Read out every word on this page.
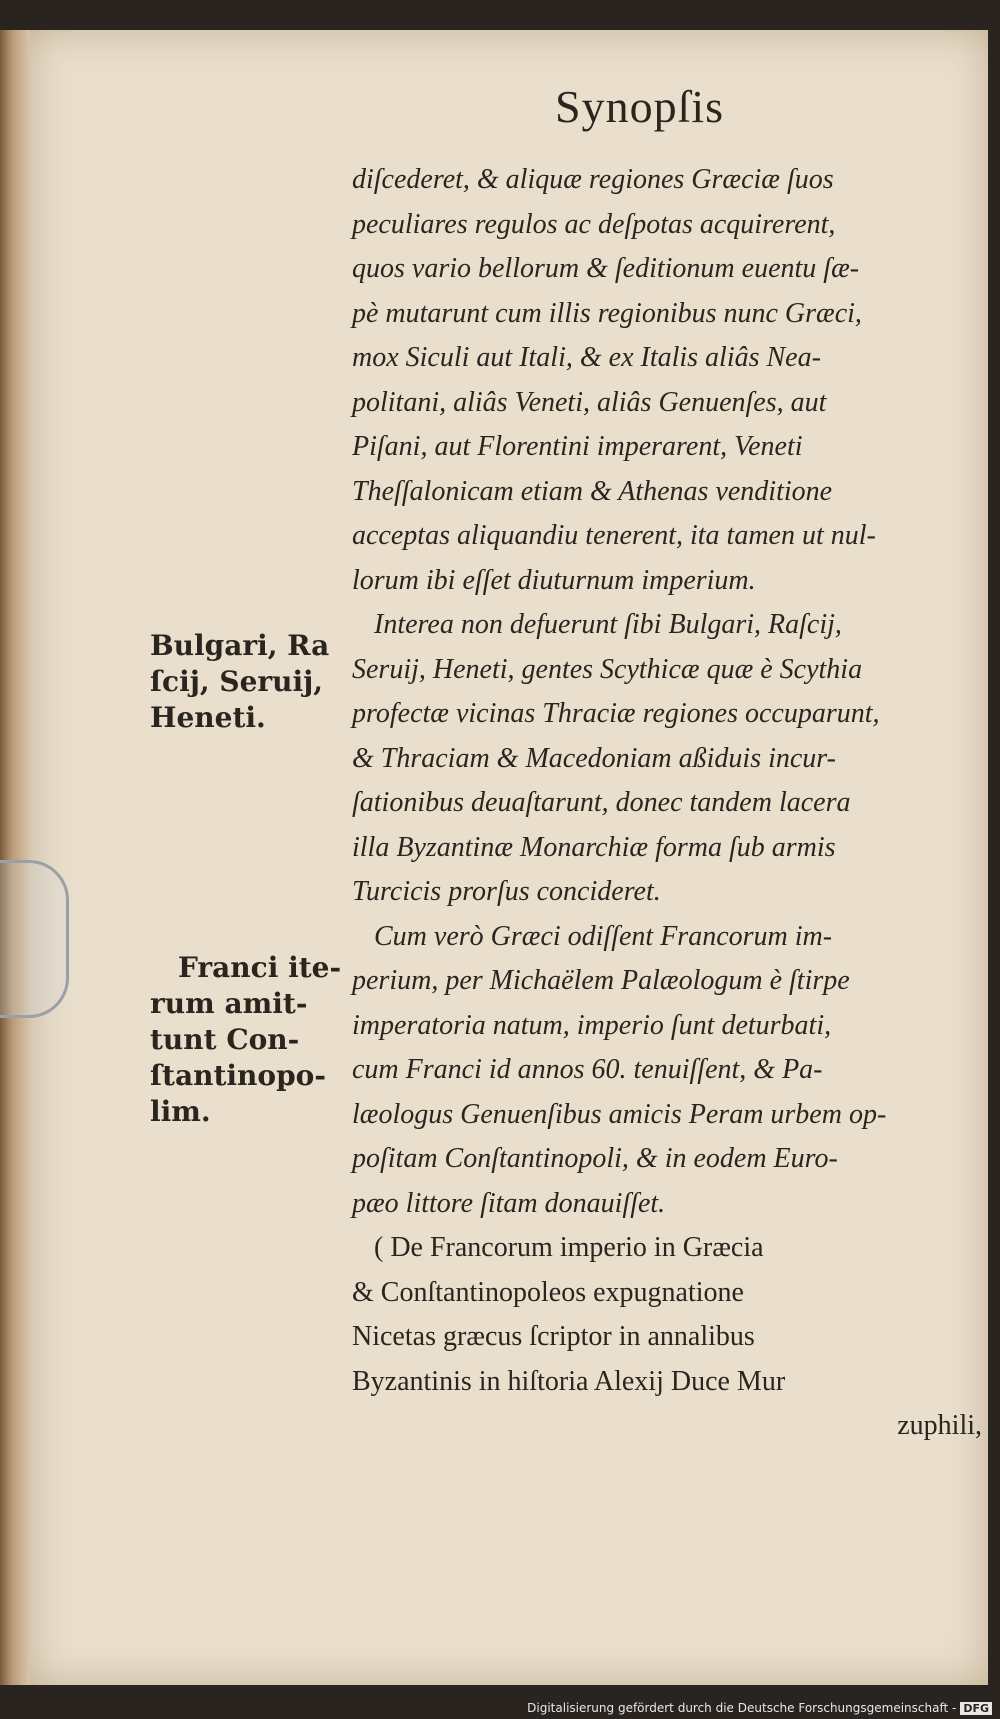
Synopſis
diſcederet, & aliquæ regiones Græciæ ſuos
peculiares regulos ac deſpotas acquirerent,
quos vario bellorum & ſeditionum euentu ſæ-
pè mutarunt cum illis regionibus nunc Græci,
mox Siculi aut Itali, & ex Italis aliâs Nea-
politani, aliâs Veneti, aliâs Genuenſes, aut
Piſani, aut Florentini imperarent, Veneti
Theſſalonicam etiam & Athenas venditione
acceptas aliquandiu tenerent, ita tamen ut nul-
lorum ibi eſſet diuturnum imperium.
Interea non defuerunt ſibi Bulgari, Raſcij,
Seruij, Heneti, gentes Scythicæ quæ è Scythia
profectæ vicinas Thraciæ regiones occuparunt,
& Thraciam & Macedoniam aßiduis incur-
ſationibus deuaſtarunt, donec tandem lacera
illa Byzantinæ Monarchiæ forma ſub armis
Turcicis prorſus concideret.
Cum verò Græci odiſſent Francorum im-
perium, per Michaëlem Palæologum è ſtirpe
imperatoria natum, imperio ſunt deturbati,
cum Franci id annos 60. tenuiſſent, & Pa-
læologus Genuenſibus amicis Peram urbem op-
poſitam Conſtantinopoli, & in eodem Euro-
pæo littore ſitam donauiſſet.
( De Francorum imperio in Græcia
& Conſtantinopoleos expugnatione
Nicetas græcus ſcriptor in annalibus
Byzantinis in hiſtoria Alexij Duce Mur
zuphili,
Bulgari, Ra
ſcij, Seruij,
Heneti.
Franci ite-
rum amit-
tunt Con-
ſtantinopo-
lim.
Digitalisierung gefördert durch die Deutsche Forschungsgemeinschaft - DFG
